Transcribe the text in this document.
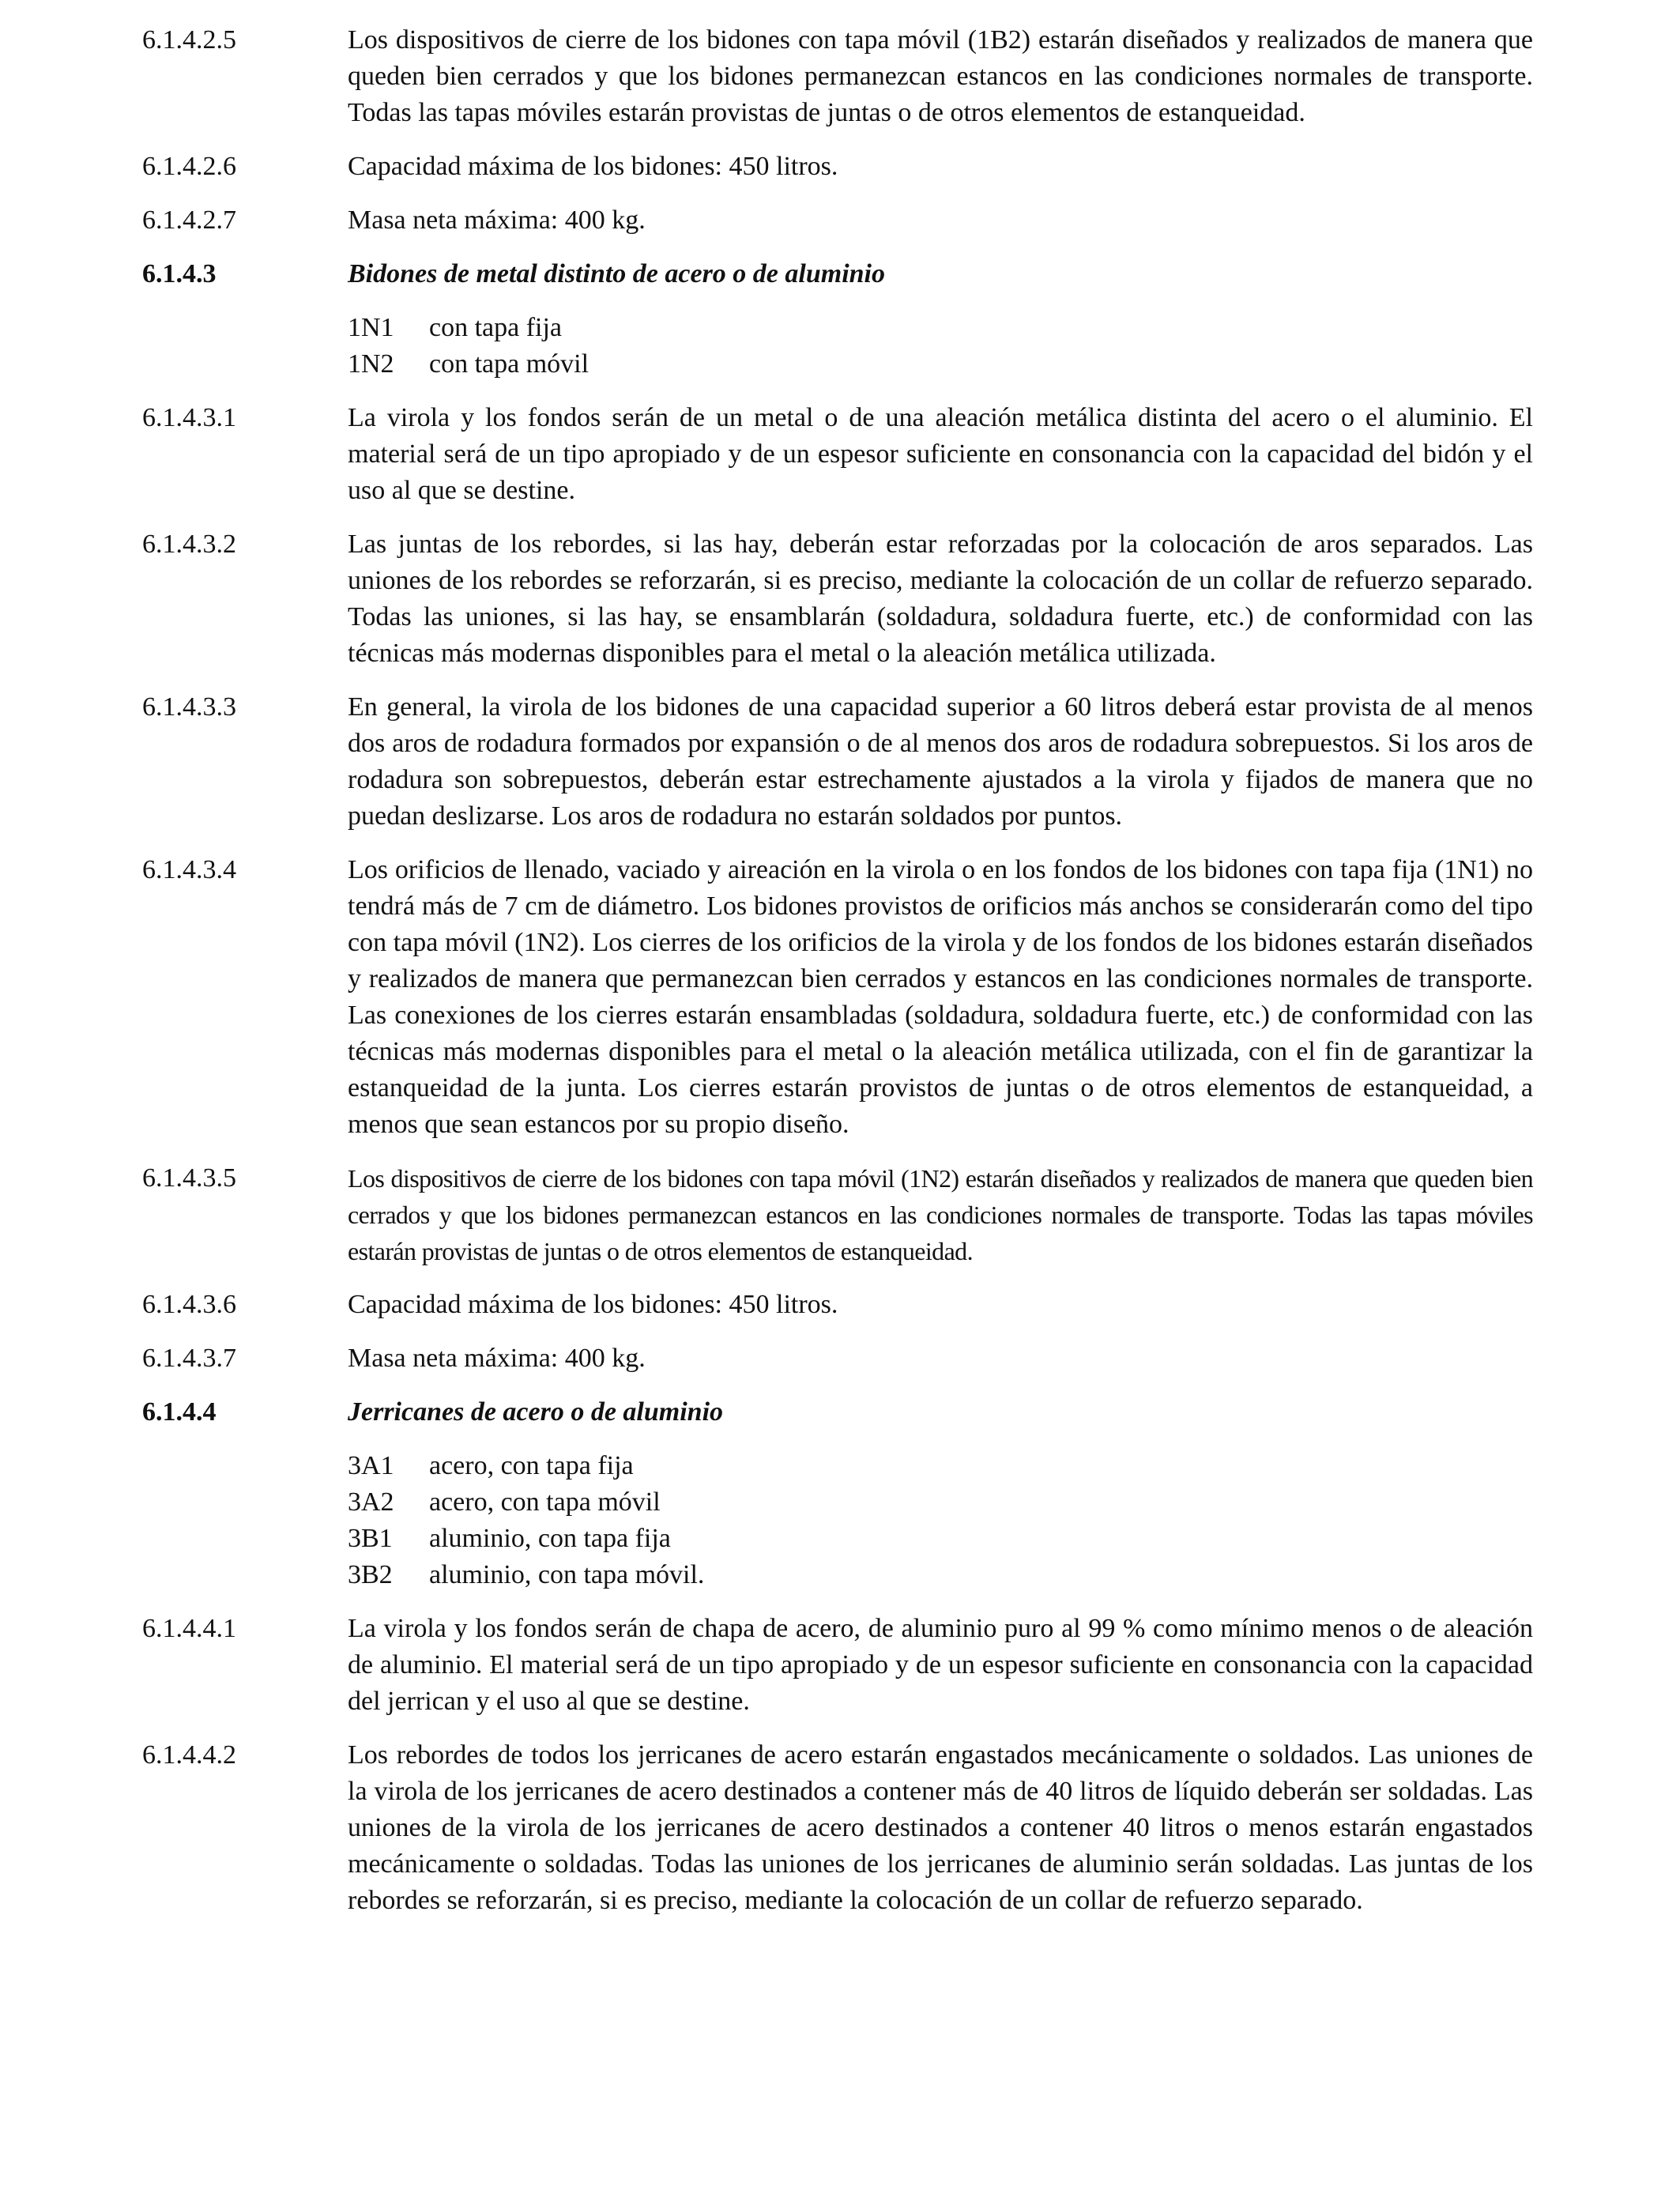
6.1.4.2.5	Los dispositivos de cierre de los bidones con tapa móvil (1B2) estarán diseñados y realizados de manera que queden bien cerrados y que los bidones permanezcan estancos en las condiciones normales de transporte. Todas las tapas móviles estarán provistas de juntas o de otros elementos de estanqueidad.
6.1.4.2.6	Capacidad máxima de los bidones: 450 litros.
6.1.4.2.7	Masa neta máxima: 400 kg.
6.1.4.3	Bidones de metal distinto de acero o de aluminio
1N1	con tapa fija
1N2	con tapa móvil
6.1.4.3.1	La virola y los fondos serán de un metal o de una aleación metálica distinta del acero o el aluminio. El material será de un tipo apropiado y de un espesor suficiente en consonancia con la capacidad del bidón y el uso al que se destine.
6.1.4.3.2	Las juntas de los rebordes, si las hay, deberán estar reforzadas por la colocación de aros separados. Las uniones de los rebordes se reforzarán, si es preciso, mediante la colocación de un collar de refuerzo separado. Todas las uniones, si las hay, se ensamblarán (soldadura, soldadura fuerte, etc.) de conformidad con las técnicas más modernas disponibles para el metal o la aleación metálica utilizada.
6.1.4.3.3	En general, la virola de los bidones de una capacidad superior a 60 litros deberá estar provista de al menos dos aros de rodadura formados por expansión o de al menos dos aros de rodadura sobrepuestos. Si los aros de rodadura son sobrepuestos, deberán estar estrechamente ajustados a la virola y fijados de manera que no puedan deslizarse. Los aros de rodadura no estarán soldados por puntos.
6.1.4.3.4	Los orificios de llenado, vaciado y aireación en la virola o en los fondos de los bidones con tapa fija (1N1) no tendrá más de 7 cm de diámetro. Los bidones provistos de orificios más anchos se considerarán como del tipo con tapa móvil (1N2). Los cierres de los orificios de la virola y de los fondos de los bidones estarán diseñados y realizados de manera que permanezcan bien cerrados y estancos en las condiciones normales de transporte. Las conexiones de los cierres estarán ensambladas (soldadura, soldadura fuerte, etc.) de conformidad con las técnicas más modernas disponibles para el metal o la aleación metálica utilizada, con el fin de garantizar la estanqueidad de la junta. Los cierres estarán provistos de juntas o de otros elementos de estanqueidad, a menos que sean estancos por su propio diseño.
6.1.4.3.5	Los dispositivos de cierre de los bidones con tapa móvil (1N2) estarán diseñados y realizados de manera que queden bien cerrados y que los bidones permanezcan estancos en las condiciones normales de transporte. Todas las tapas móviles estarán provistas de juntas o de otros elementos de estanqueidad.
6.1.4.3.6	Capacidad máxima de los bidones: 450 litros.
6.1.4.3.7	Masa neta máxima: 400 kg.
6.1.4.4	Jerricanes de acero o de aluminio
3A1	acero, con tapa fija
3A2	acero, con tapa móvil
3B1	aluminio, con tapa fija
3B2	aluminio, con tapa móvil.
6.1.4.4.1	La virola y los fondos serán de chapa de acero, de aluminio puro al 99 % como mínimo menos o de aleación de aluminio. El material será de un tipo apropiado y de un espesor suficiente en consonancia con la capacidad del jerrican y el uso al que se destine.
6.1.4.4.2	Los rebordes de todos los jerricanes de acero estarán engastados mecánicamente o soldados. Las uniones de la virola de los jerricanes de acero destinados a contener más de 40 litros de líquido deberán ser soldadas. Las uniones de la virola de los jerricanes de acero destinados a contener 40 litros o menos estarán engastados mecánicamente o soldadas. Todas las uniones de los jerricanes de aluminio serán soldadas. Las juntas de los rebordes se reforzarán, si es preciso, mediante la colocación de un collar de refuerzo separado.
